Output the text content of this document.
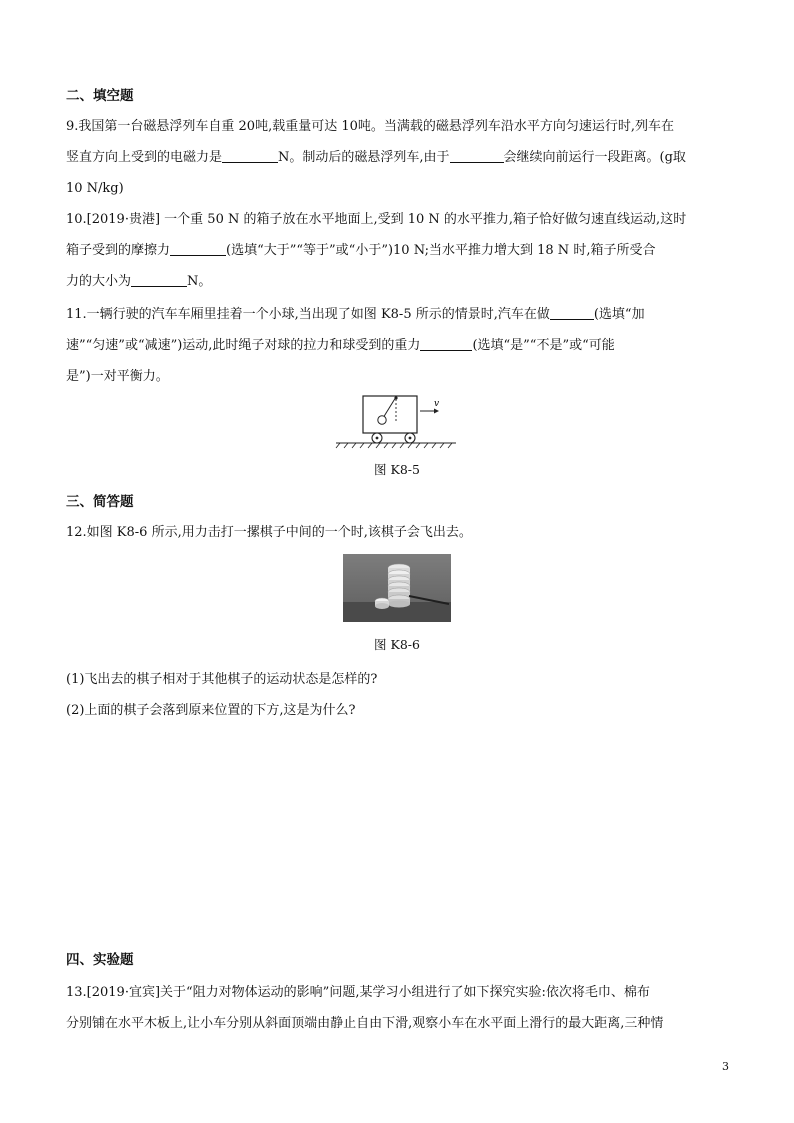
二、填空题
9.我国第一台磁悬浮列车自重 20吨,载重量可达 10吨。当满载的磁悬浮列车沿水平方向匀速运行时,列车在
竖直方向上受到的电磁力是	N。制动后的磁悬浮列车,由于	会继续向前运行一段距离。(g取
10 N/kg)
10.[2019·贵港] 一个重 50 N 的箱子放在水平地面上,受到 10 N 的水平推力,箱子恰好做匀速直线运动,这时
箱子受到的摩擦力	(选填“大于”“等于”或“小于”)10 N;当水平推力增大到 18 N 时,箱子所受合
力的大小为	N。
11.一辆行驶的汽车车厢里挂着一个小球,当出现了如图 K8-5 所示的情景时,汽车在做	(选填“加
速”“匀速”或“减速”)运动,此时绳子对球的拉力和球受到的重力	(选填“是”“不是”或“可能
是”)一对平衡力。
v
图 K8-5
三、简答题
12.如图 K8-6 所示,用力击打一摞棋子中间的一个时,该棋子会飞出去。
图 K8-6
(1)飞出去的棋子相对于其他棋子的运动状态是怎样的?
(2)上面的棋子会落到原来位置的下方,这是为什么?
四、实验题
13.[2019·宜宾]关于“阻力对物体运动的影响”问题,某学习小组进行了如下探究实验:依次将毛巾、棉布
分别铺在水平木板上,让小车分别从斜面顶端由静止自由下滑,观察小车在水平面上滑行的最大距离,三种情
3
